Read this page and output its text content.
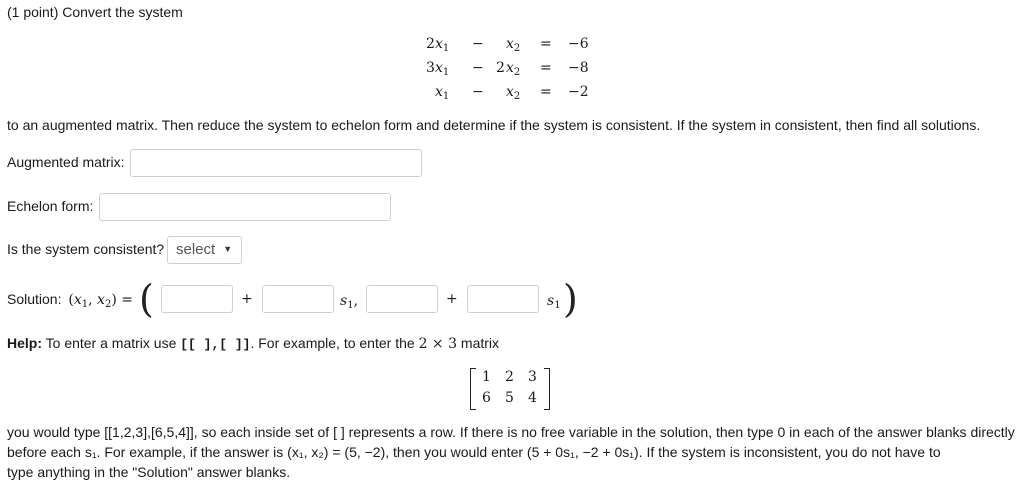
(1 point) Convert the system
2 $x_1 - x_2 = -6$
3 $x_1 - 2$ $x_2 = -8$
$x_1 - x_2 = -2$
to an augmented matrix. Then reduce the system to echelon form and determine if the system is consistent. If the system in consistent, then find all solutions.
Augmented matrix:
Echelon form:
Is the system consistent? select ▼
Solution: ($x_1$, $x_2$) = (	+	$s_1$,	+	$s_1$ )
Help: To enter a matrix use [[ ],[ ]]. For example, to enter the 2 × 3 matrix
1 2 3
6 5 4
you would type [[1,2,3],[6,5,4]], so each inside set of [ ] represents a row. If there is no free variable in the solution, then type 0 in each of the answer blanks directly
before each s₁. For example, if the answer is (x₁, x₂) = (5, −2), then you would enter (5 + 0s₁, −2 + 0s₁). If the system is inconsistent, you do not have to
type anything in the "Solution" answer blanks.
